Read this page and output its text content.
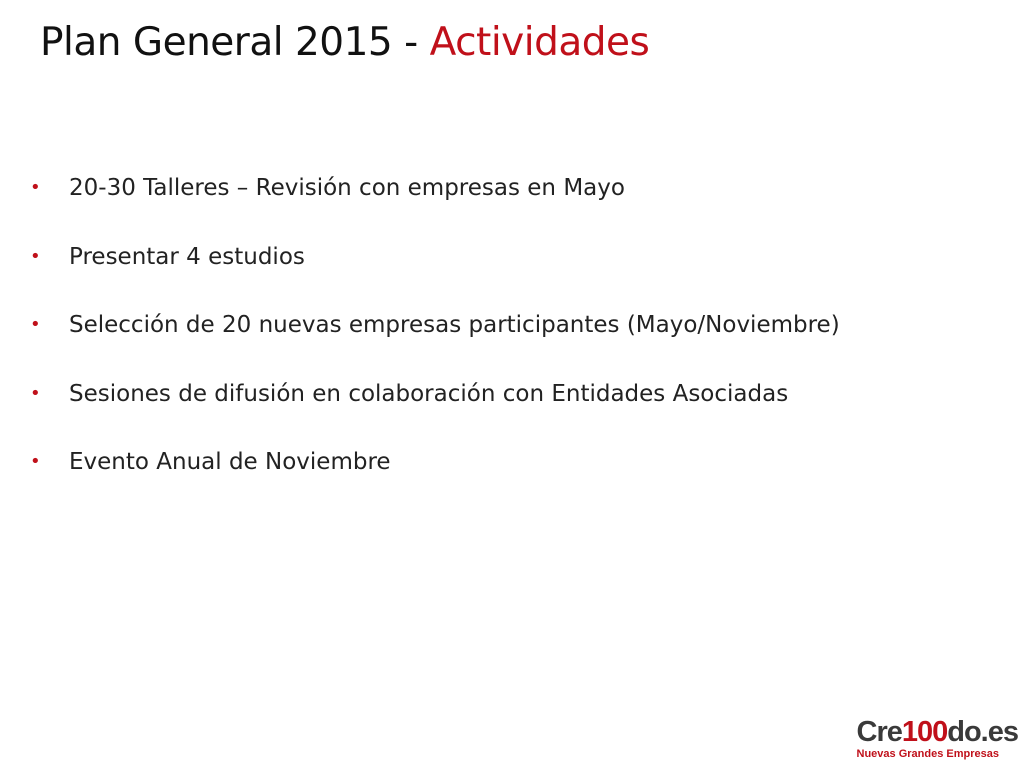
Plan General 2015 - Actividades
•	20-30 Talleres – Revisión con empresas en Mayo
•	Presentar 4 estudios
•	Selección de 20 nuevas empresas participantes (Mayo/Noviembre)
•	Sesiones de difusión en colaboración con Entidades Asociadas
•	Evento Anual de Noviembre
Cre100do.es
Nuevas Grandes Empresas
